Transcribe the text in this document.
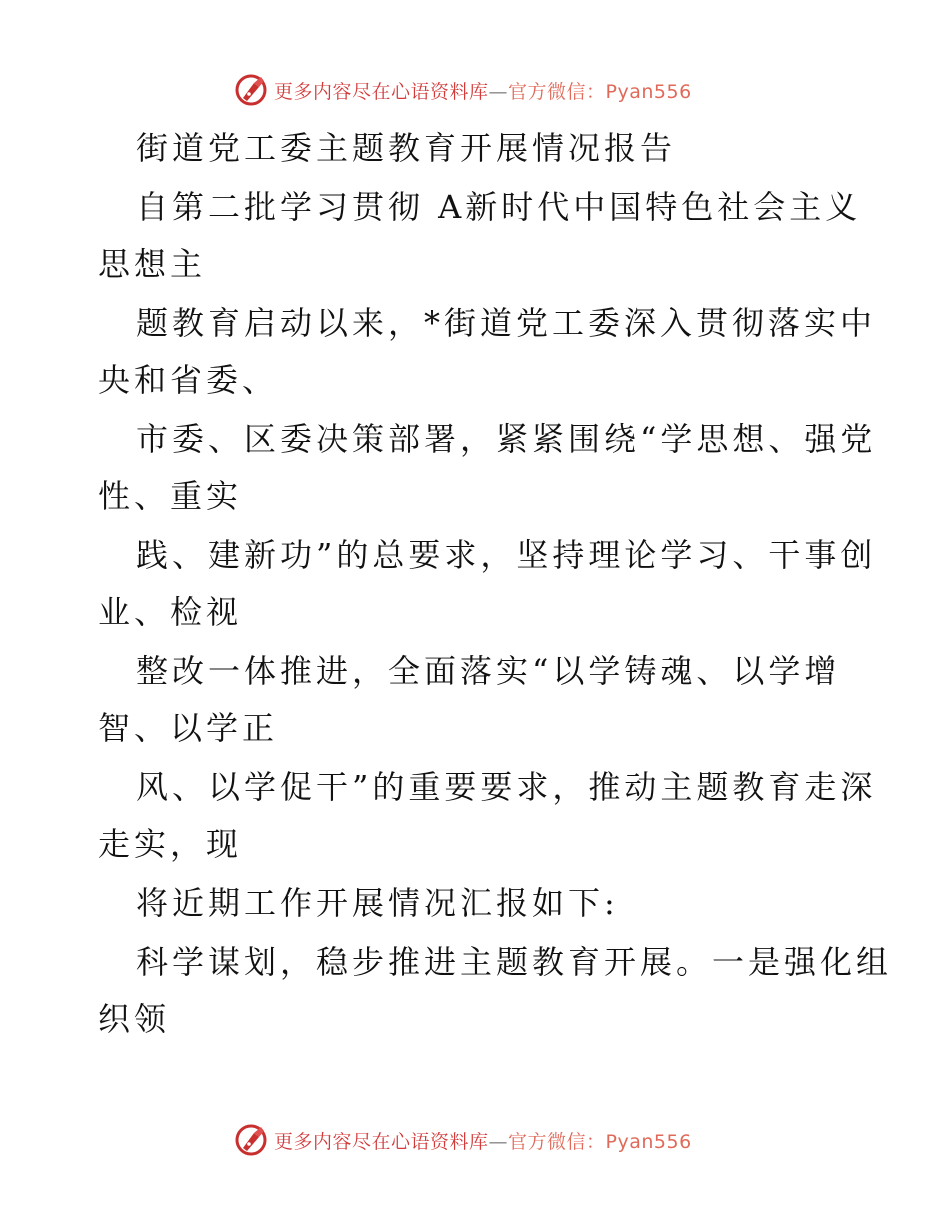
更多内容尽在心语资料库—官方微信：Pyan556
街道党工委主题教育开展情况报告
自第二批学习贯彻 A新时代中国特色社会主义
思想主
题教育启动以来，*街道党工委深入贯彻落实中
央和省委、
市委、区委决策部署，紧紧围绕“学思想、强党
性、重实
践、建新功”的总要求，坚持理论学习、干事创
业、检视
整改一体推进，全面落实“以学铸魂、以学增
智、以学正
风、以学促干”的重要要求，推动主题教育走深
走实，现
将近期工作开展情况汇报如下:
科学谋划，稳步推进主题教育开展。一是强化组
织领
更多内容尽在心语资料库—官方微信：Pyan556
